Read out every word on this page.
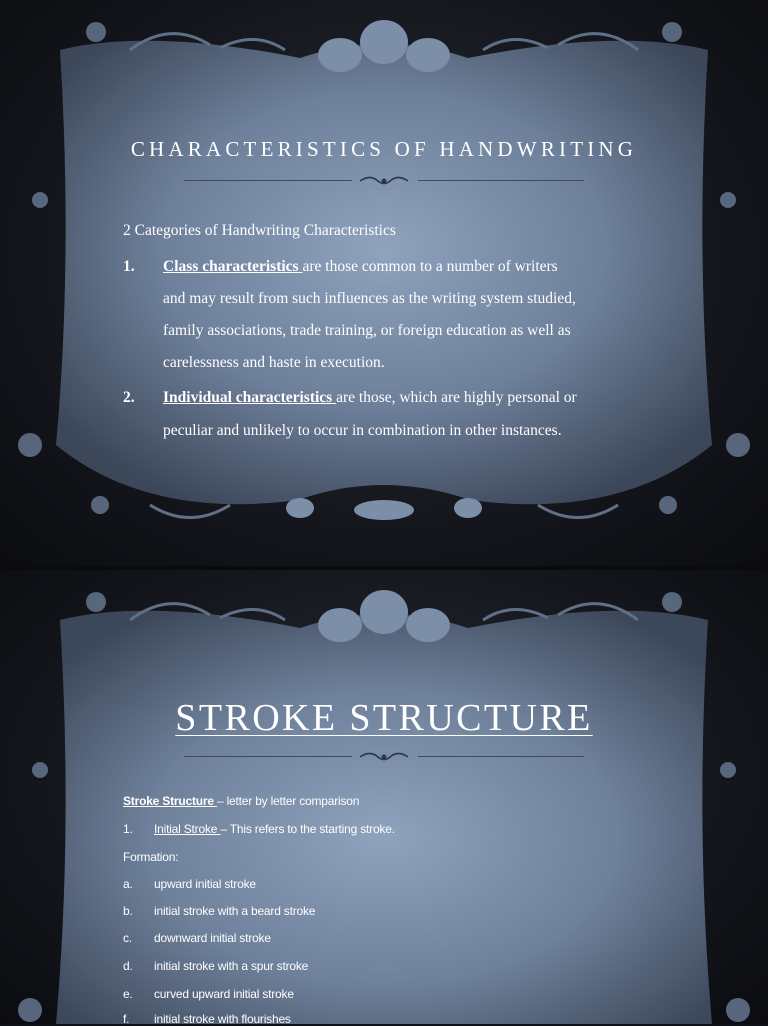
CHARACTERISTICS OF HANDWRITING
2 Categories of Handwriting Characteristics
1. Class characteristics are those common to a number of writers
and may result from such influences as the writing system studied,
family associations, trade training, or foreign education as well as
carelessness and haste in execution.
2. Individual characteristics are those, which are highly personal or
peculiar and unlikely to occur in combination in other instances.
STROKE STRUCTURE
Stroke Structure – letter by letter comparison
1. Initial Stroke – This refers to the starting stroke.
Formation:
a. upward initial stroke
b. initial stroke with a beard stroke
c. downward initial stroke
d. initial stroke with a spur stroke
e. curved upward initial stroke
f. initial stroke with flourishes
